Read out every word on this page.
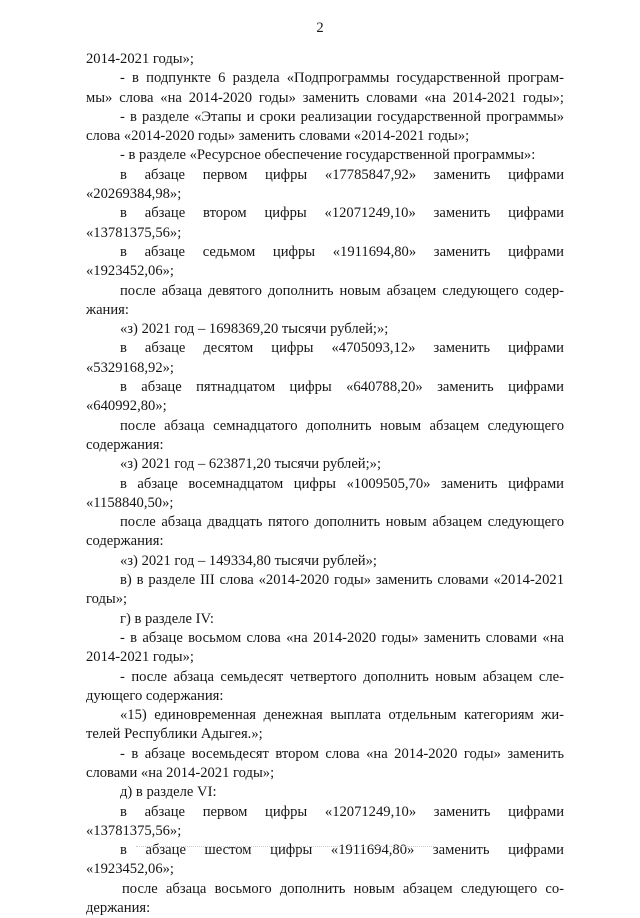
2
2014-2021 годы»;
- в подпункте 6 раздела «Подпрограммы государственной програм-
мы» слова «на 2014-2020 годы» заменить словами «на 2014-2021 годы»;
- в разделе «Этапы и сроки реализации государственной программы»
слова «2014-2020 годы» заменить словами «2014-2021 годы»;
- в разделе «Ресурсное обеспечение государственной программы»:
в абзаце первом цифры «17785847,92» заменить цифрами
«20269384,98»;
в абзаце втором цифры «12071249,10» заменить цифрами
«13781375,56»;
в абзаце седьмом цифры «1911694,80» заменить цифрами
«1923452,06»;
после абзаца девятого дополнить новым абзацем следующего содер-
жания:
«з) 2021 год – 1698369,20 тысячи рублей;»;
в абзаце десятом цифры «4705093,12» заменить цифрами
«5329168,92»;
в абзаце пятнадцатом цифры «640788,20» заменить цифрами
«640992,80»;
после абзаца семнадцатого дополнить новым абзацем следующего
содержания:
«з) 2021 год – 623871,20 тысячи рублей;»;
в абзаце восемнадцатом цифры «1009505,70» заменить цифрами
«1158840,50»;
после абзаца двадцать пятого дополнить новым абзацем следующего
содержания:
«з) 2021 год – 149334,80 тысячи рублей»;
в) в разделе III слова «2014-2020 годы» заменить словами «2014-2021
годы»;
г) в разделе IV:
- в абзаце восьмом слова «на 2014-2020 годы» заменить словами «на
2014-2021 годы»;
- после абзаца семьдесят четвертого дополнить новым абзацем сле-
дующего содержания:
«15) единовременная денежная выплата отдельным категориям жи-
телей Республики Адыгея.»;
- в абзаце восемьдесят втором слова «на 2014-2020 годы» заменить
словами «на 2014-2021 годы»;
д) в разделе VI:
в абзаце первом цифры «12071249,10» заменить цифрами
«13781375,56»;
в абзаце шестом цифры «1911694,80» заменить цифрами
«1923452,06»;
после абзаца восьмого дополнить новым абзацем следующего со-
держания:
